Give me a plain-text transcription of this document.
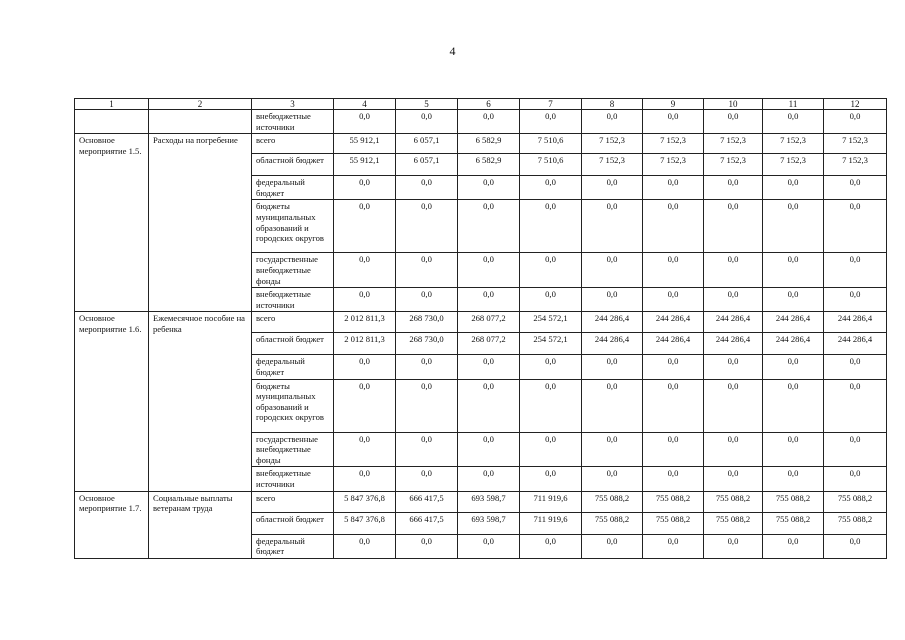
4
1	2	3	4	5	6	7	8	9	10	11	12
		внебюджетные источники	0,0	0,0	0,0	0,0	0,0	0,0	0,0	0,0	0,0
Основное мероприятие 1.5.	Расходы на погребение	всего	55 912,1	6 057,1	6 582,9	7 510,6	7 152,3	7 152,3	7 152,3	7 152,3	7 152,3
		областной бюджет	55 912,1	6 057,1	6 582,9	7 510,6	7 152,3	7 152,3	7 152,3	7 152,3	7 152,3
		федеральный бюджет	0,0	0,0	0,0	0,0	0,0	0,0	0,0	0,0	0,0
		бюджеты муниципальных образований и городских округов	0,0	0,0	0,0	0,0	0,0	0,0	0,0	0,0	0,0
		государственные внебюджетные фонды	0,0	0,0	0,0	0,0	0,0	0,0	0,0	0,0	0,0
		внебюджетные источники	0,0	0,0	0,0	0,0	0,0	0,0	0,0	0,0	0,0
Основное мероприятие 1.6.	Ежемесячное пособие на ребенка	всего	2 012 811,3	268 730,0	268 077,2	254 572,1	244 286,4	244 286,4	244 286,4	244 286,4	244 286,4
		областной бюджет	2 012 811,3	268 730,0	268 077,2	254 572,1	244 286,4	244 286,4	244 286,4	244 286,4	244 286,4
		федеральный бюджет	0,0	0,0	0,0	0,0	0,0	0,0	0,0	0,0	0,0
		бюджеты муниципальных образований и городских округов	0,0	0,0	0,0	0,0	0,0	0,0	0,0	0,0	0,0
		государственные внебюджетные фонды	0,0	0,0	0,0	0,0	0,0	0,0	0,0	0,0	0,0
		внебюджетные источники	0,0	0,0	0,0	0,0	0,0	0,0	0,0	0,0	0,0
Основное мероприятие 1.7.	Социальные выплаты ветеранам труда	всего	5 847 376,8	666 417,5	693 598,7	711 919,6	755 088,2	755 088,2	755 088,2	755 088,2	755 088,2
		областной бюджет	5 847 376,8	666 417,5	693 598,7	711 919,6	755 088,2	755 088,2	755 088,2	755 088,2	755 088,2
		федеральный бюджет	0,0	0,0	0,0	0,0	0,0	0,0	0,0	0,0	0,0
